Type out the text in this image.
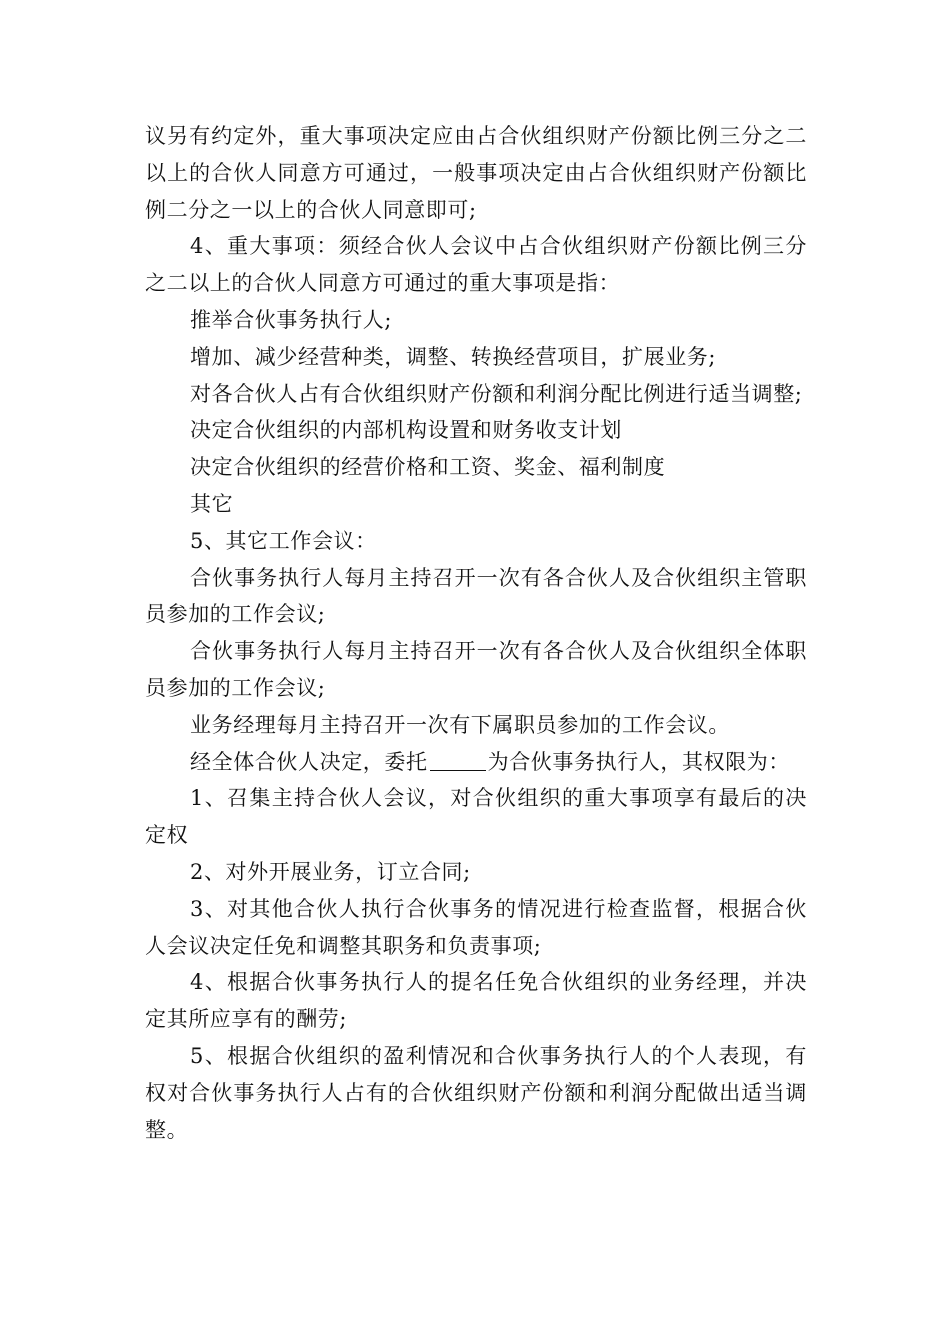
议另有约定外，重大事项决定应由占合伙组织财产份额比例三分之二以上的合伙人同意方可通过，一般事项决定由占合伙组织财产份额比例二分之一以上的合伙人同意即可;

4、重大事项：须经合伙人会议中占合伙组织财产份额比例三分之二以上的合伙人同意方可通过的重大事项是指：

推举合伙事务执行人;

增加、减少经营种类，调整、转换经营项目，扩展业务;

对各合伙人占有合伙组织财产份额和利润分配比例进行适当调整;

决定合伙组织的内部机构设置和财务收支计划

决定合伙组织的经营价格和工资、奖金、福利制度

其它

5、其它工作会议：

合伙事务执行人每月主持召开一次有各合伙人及合伙组织主管职员参加的工作会议;

合伙事务执行人每月主持召开一次有各合伙人及合伙组织全体职员参加的工作会议;

业务经理每月主持召开一次有下属职员参加的工作会议。

经全体合伙人决定，委托	为合伙事务执行人，其权限为：

1、召集主持合伙人会议，对合伙组织的重大事项享有最后的决定权

2、对外开展业务，订立合同;

3、对其他合伙人执行合伙事务的情况进行检查监督，根据合伙人会议决定任免和调整其职务和负责事项;

4、根据合伙事务执行人的提名任免合伙组织的业务经理，并决定其所应享有的酬劳;

5、根据合伙组织的盈利情况和合伙事务执行人的个人表现，有权对合伙事务执行人占有的合伙组织财产份额和利润分配做出适当调整。
